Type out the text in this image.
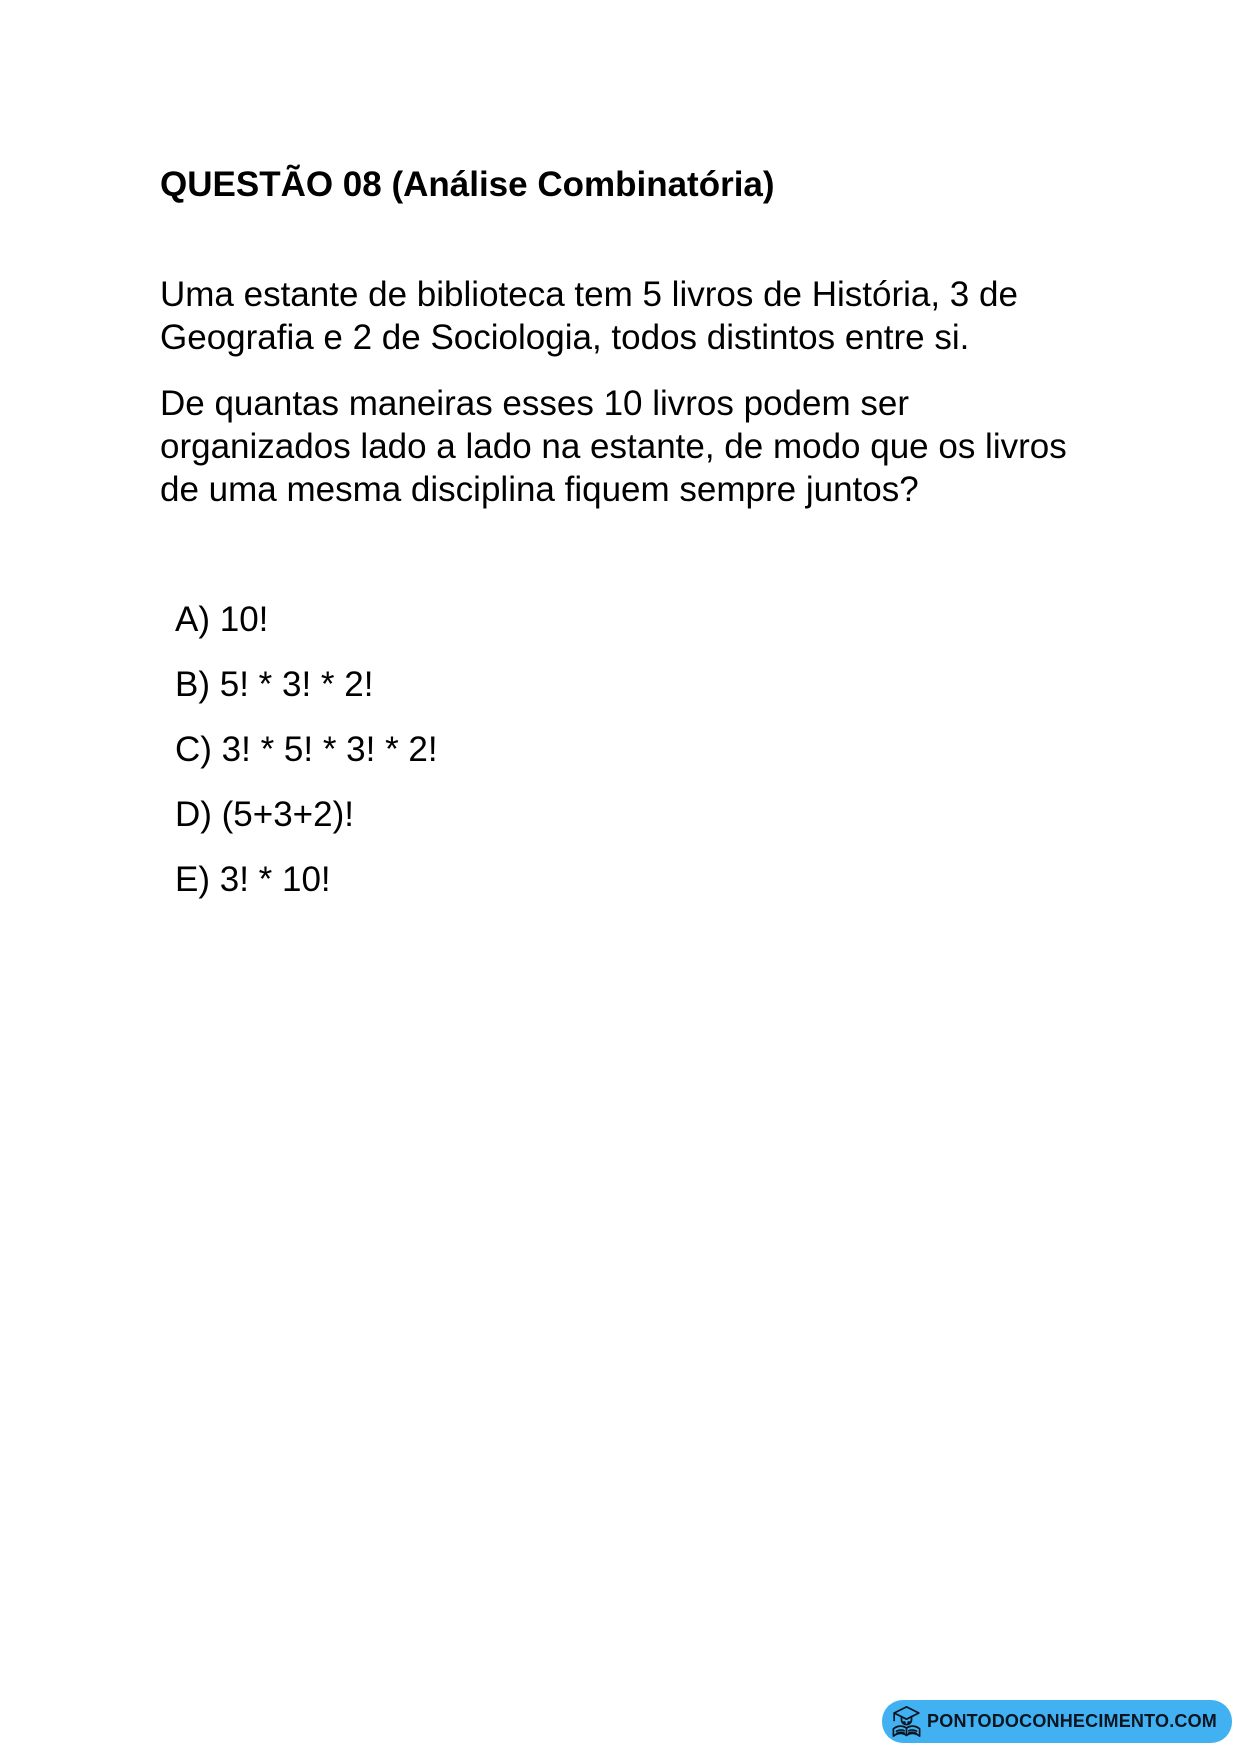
QUESTÃO 08 (Análise Combinatória)
Uma estante de biblioteca tem 5 livros de História, 3 de
Geografia e 2 de Sociologia, todos distintos entre si.
De quantas maneiras esses 10 livros podem ser
organizados lado a lado na estante, de modo que os livros
de uma mesma disciplina fiquem sempre juntos?
A) 10!
B) 5! * 3! * 2!
C) 3! * 5! * 3! * 2!
D) (5+3+2)!
E) 3! * 10!
PONTODOCONHECIMENTO.COM
